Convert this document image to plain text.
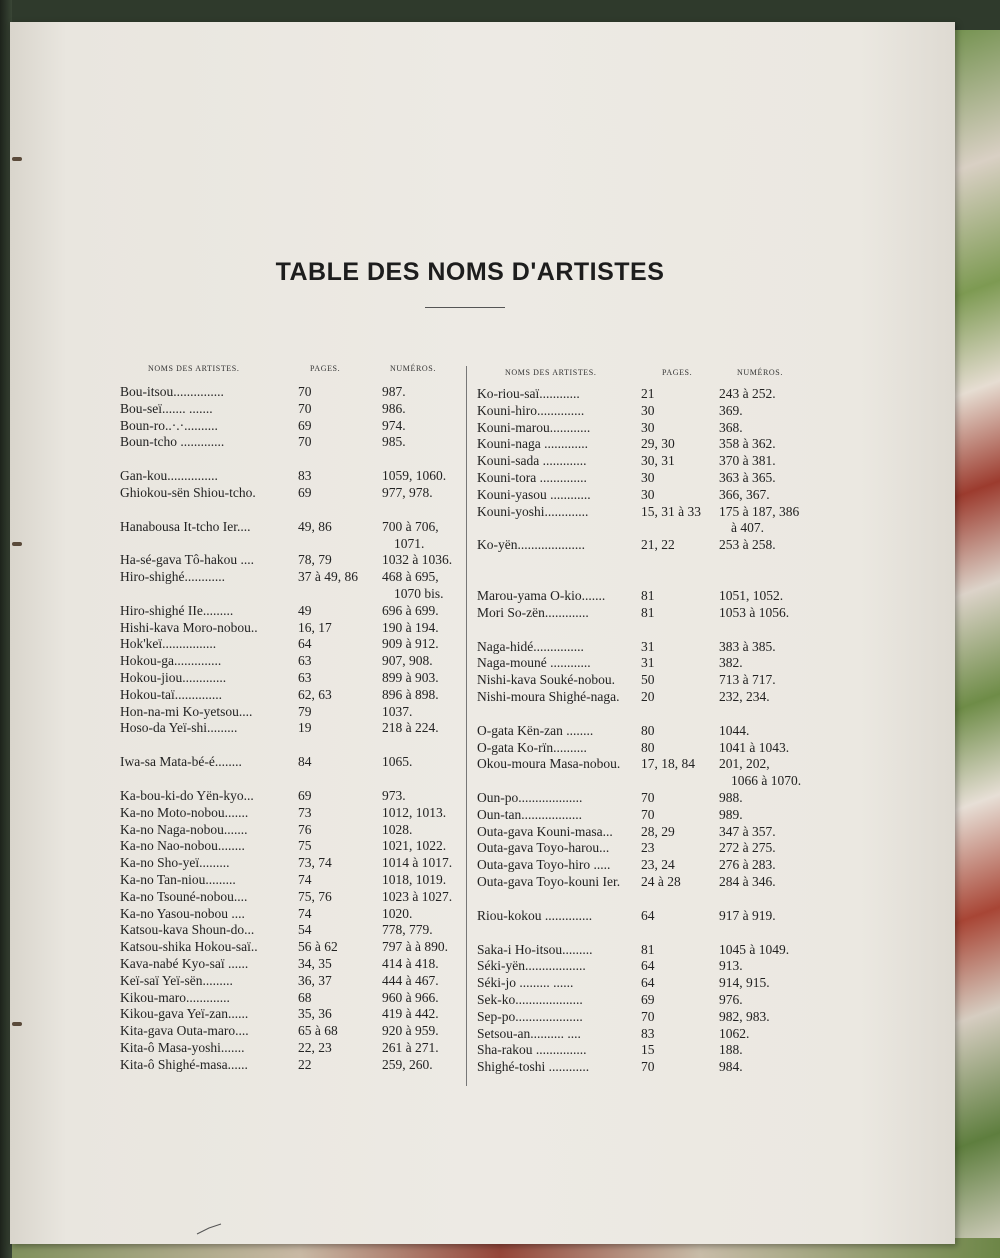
TABLE DES NOMS D'ARTISTES
NOMS DES ARTISTES.	PAGES.	NUMÉROS.	NOMS DES ARTISTES.	PAGES.	NUMÉROS.
Bou-itsou...............	70	987.
Bou-seï....... .......	70	986.
Boun-ro..·.·..........	69	974.
Boun-tcho .............	70	985.
Gan-kou...............	83	1059, 1060.
Ghiokou-sën Shiou-tcho.	69	977, 978.
Hanabousa It-tcho Ier....	49, 86	700 à 706,
1071.
Ha-sé-gava Tô-hakou ....	78, 79	1032 à 1036.
Hiro-shighé............	37 à 49, 86	468 à 695,
1070 bis.
Hiro-shighé IIe.........	49	696 à 699.
Hishi-kava Moro-nobou..	16, 17	190 à 194.
Hok'keï................	64	909 à 912.
Hokou-ga..............	63	907, 908.
Hokou-jiou.............	63	899 à 903.
Hokou-taï..............	62, 63	896 à 898.
Hon-na-mi Ko-yetsou....	79	1037.
Hoso-da Yeï-shi.........	19	218 à 224.
Iwa-sa Mata-bé-é........	84	1065.
Ka-bou-ki-do Yën-kyo...	69	973.
Ka-no Moto-nobou.......	73	1012, 1013.
Ka-no Naga-nobou.......	76	1028.
Ka-no Nao-nobou........	75	1021, 1022.
Ka-no Sho-yeï.........	73, 74	1014 à 1017.
Ka-no Tan-niou.........	74	1018, 1019.
Ka-no Tsouné-nobou....	75, 76	1023 à 1027.
Ka-no Yasou-nobou ....	74	1020.
Katsou-kava Shoun-do...	54	778, 779.
Katsou-shika Hokou-saï..	56 à 62	797 à à 890.
Kava-nabé Kyo-saï ......	34, 35	414 à 418.
Keï-saï Yeï-sën.........	36, 37	444 à 467.
Kikou-maro.............	68	960 à 966.
Kikou-gava Yeï-zan......	35, 36	419 à 442.
Kita-gava Outa-maro....	65 à 68	920 à 959.
Kita-ô Masa-yoshi.......	22, 23	261 à 271.
Kita-ô Shighé-masa......	22	259, 260.
Ko-riou-saï............	21	243 à 252.
Kouni-hiro..............	30	369.
Kouni-marou............	30	368.
Kouni-naga .............	29, 30	358 à 362.
Kouni-sada .............	30, 31	370 à 381.
Kouni-tora ..............	30	363 à 365.
Kouni-yasou ............	30	366, 367.
Kouni-yoshi.............	15, 31 à 33	175 à 187, 386
à 407.
Ko-yën....................	21, 22	253 à 258.
Marou-yama O-kio.......	81	1051, 1052.
Mori So-zën.............	81	1053 à 1056.
Naga-hidé...............	31	383 à 385.
Naga-mouné ............	31	382.
Nishi-kava Souké-nobou.	50	713 à 717.
Nishi-moura Shighé-naga.	20	232, 234.
O-gata Kën-zan ........	80	1044.
O-gata Ko-rïn..........	80	1041 à 1043.
Okou-moura Masa-nobou.	17, 18, 84	201, 202,
1066 à 1070.
Oun-po...................	70	988.
Oun-tan..................	70	989.
Outa-gava Kouni-masa...	28, 29	347 à 357.
Outa-gava Toyo-harou...	23	272 à 275.
Outa-gava Toyo-hiro .....	23, 24	276 à 283.
Outa-gava Toyo-kouni Ier.	24 à 28	284 à 346.
Riou-kokou ..............	64	917 à 919.
Saka-i Ho-itsou.........	81	1045 à 1049.
Séki-yën..................	64	913.
Séki-jo ......... ......	64	914, 915.
Sek-ko....................	69	976.
Sep-po....................	70	982, 983.
Setsou-an.......... ....	83	1062.
Sha-rakou ...............	15	188.
Shighé-toshi ............	70	984.
